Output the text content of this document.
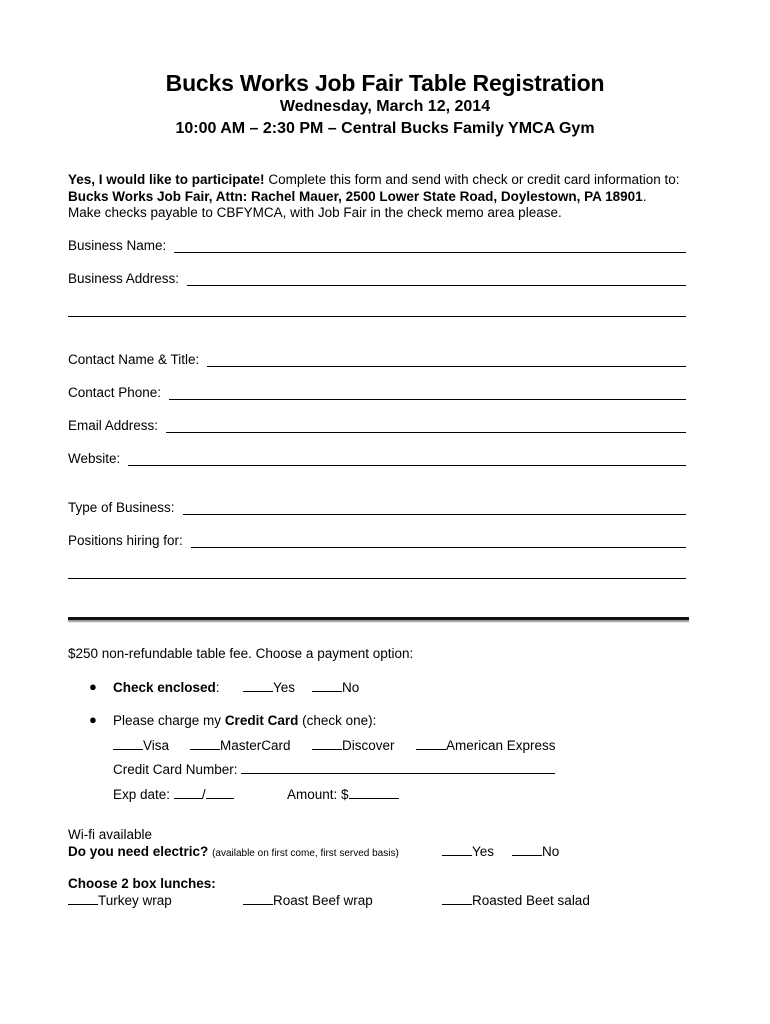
Bucks Works Job Fair Table Registration
Wednesday, March 12, 2014
10:00 AM – 2:30 PM – Central Bucks Family YMCA Gym
Yes, I would like to participate! Complete this form and send with check or credit card information to:
Bucks Works Job Fair, Attn: Rachel Mauer, 2500 Lower State Road, Doylestown, PA 18901.
Make checks payable to CBFYMCA, with Job Fair in the check memo area please.
Business Name:
Business Address:
Contact Name & Title:
Contact Phone:
Email Address:
Website:
Type of Business:
Positions hiring for:
$250 non-refundable table fee. Choose a payment option:
● Check enclosed:	Yes	No
● Please charge my Credit Card (check one):
Visa	MasterCard	Discover	American Express
Credit Card Number:
Exp date: /	Amount: $
Wi-fi available
Do you need electric? (available on first come, first served basis)	Yes	No
Choose 2 box lunches:
Turkey wrap	Roast Beef wrap	Roasted Beet salad
